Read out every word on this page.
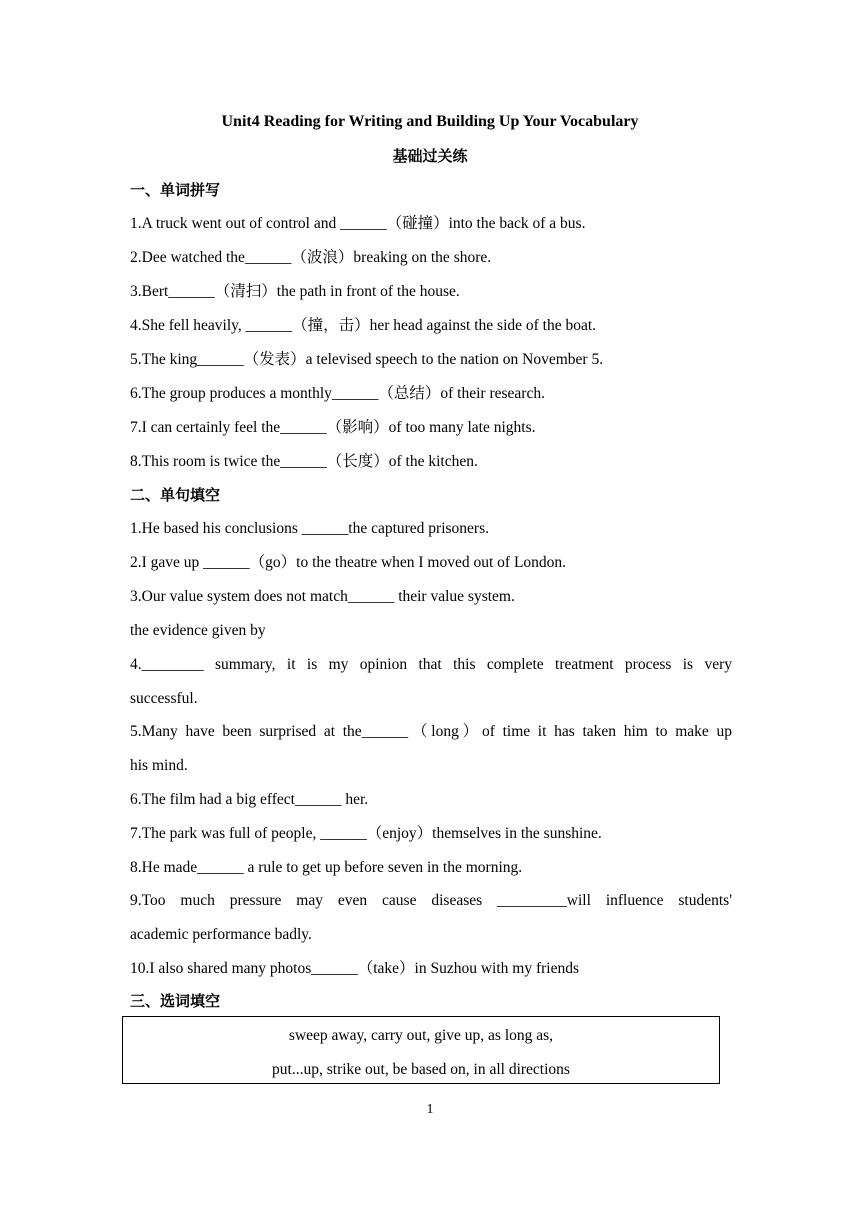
Unit4 Reading for Writing and Building Up Your Vocabulary
基础过关练
一、单词拼写
1.A truck went out of control and ______（碰撞）into the back of a bus.
2.Dee watched the______（波浪）breaking on the shore.
3.Bert______（清扫）the path in front of the house.
4.She fell heavily, ______（撞，击）her head against the side of the boat.
5.The king______（发表）a televised speech to the nation on November 5.
6.The group produces a monthly______（总结）of their research.
7.I can certainly feel the______（影响）of too many late nights.
8.This room is twice the______（长度）of the kitchen.
二、单句填空
1.He based his conclusions ______the captured prisoners.
2.I gave up ______（go）to the theatre when I moved out of London.
3.Our value system does not match______ their value system.
the evidence given by
4.________ summary, it is my opinion that this complete treatment process is very
successful.
5.Many have been surprised at the______（long）of time it has taken him to make up
his mind.
6.The film had a big effect______ her.
7.The park was full of people, ______（enjoy）themselves in the sunshine.
8.He made______ a rule to get up before seven in the morning.
9.Too much pressure may even cause diseases _________will influence students'
academic performance badly.
10.I also shared many photos______（take）in Suzhou with my friends
三、选词填空
sweep away, carry out, give up, as long as,
put...up, strike out, be based on, in all directions
1
